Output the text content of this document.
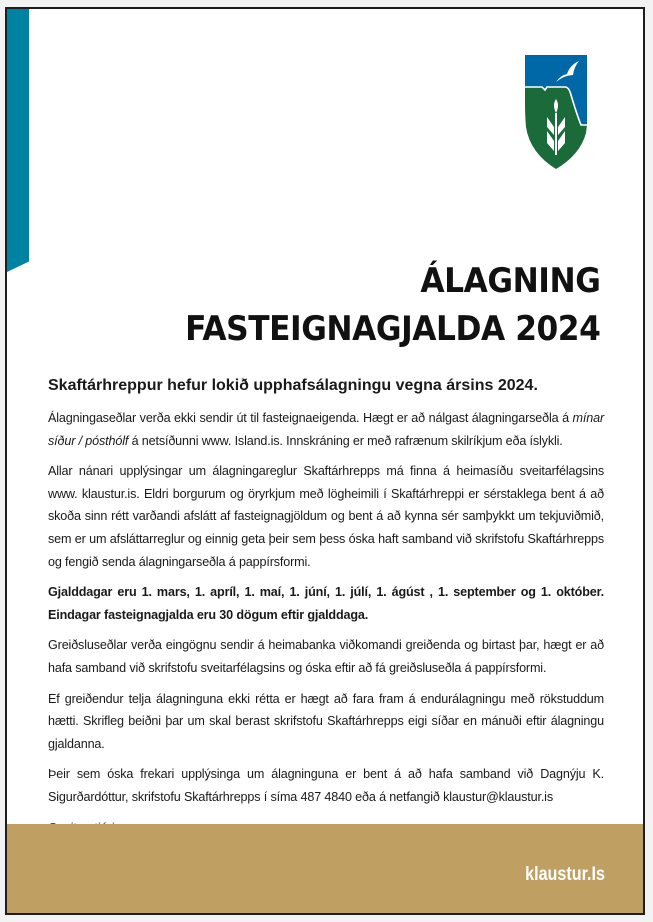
ÁLAGNING
FASTEIGNAGJALDA 2024

Skaftárhreppur hefur lokið upphafsálagningu vegna ársins 2024.

Álagningaseðlar verða ekki sendir út til fasteignaeigenda. Hægt er að nálgast álagningarseðla á mínar síður / pósthólf á netsíðunni www. Island.is. Innskráning er með rafrænum skilríkjum eða íslykli.

Allar nánari upplýsingar um álagningareglur Skaftárhrepps má finna á heimasíðu sveitarfélagsins www. klaustur.is. Eldri borgurum og öryrkjum með lögheimili í Skaftárhreppi er sérstaklega bent á að skoða sinn rétt varðandi afslátt af fasteignagjöldum og bent á að kynna sér samþykkt um tekjuviðmið, sem er um afsláttarreglur og einnig geta þeir sem þess óska haft samband við skrifstofu Skaftárhrepps og fengið senda álagningarseðla á pappírsformi.

Gjalddagar eru 1. mars, 1. apríl, 1. maí, 1. júní, 1. júlí, 1. ágúst , 1. september og 1. október. Eindagar fasteignagjalda eru 30 dögum eftir gjalddaga.

Greiðsluseðlar verða eingögnu sendir á heimabanka viðkomandi greiðenda og birtast þar, hægt er að hafa samband við skrifstofu sveitarfélagsins og óska eftir að fá greiðsluseðla á pappírsformi.

Ef greiðendur telja álagninguna ekki rétta er hægt að fara fram á endurálagningu með rökstuddum hætti. Skrifleg beiðni þar um skal berast skrifstofu Skaftárhrepps eigi síðar en mánuði eftir álagningu gjaldanna.

Þeir sem óska frekari upplýsinga um álagninguna er bent á að hafa samband við Dagnýju K. Sigurðardóttur, skrifstofu Skaftárhrepps í síma 487 4840 eða á netfangið klaustur@klaustur.is

klaustur.Is
